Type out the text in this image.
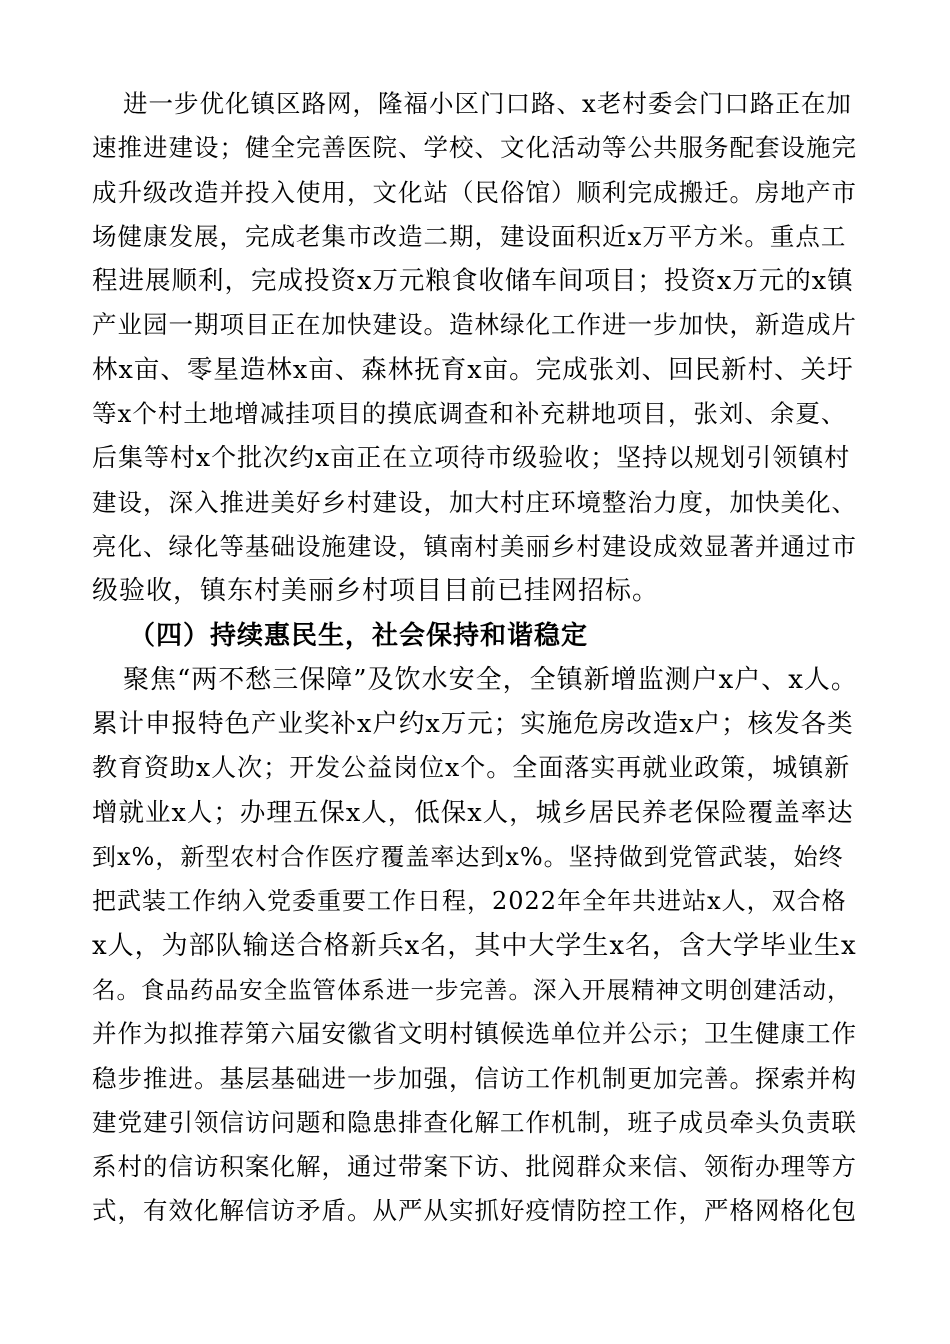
进一步优化镇区路网，隆福小区门口路、x老村委会门口路正在加
速推进建设；健全完善医院、学校、文化活动等公共服务配套设施完
成升级改造并投入使用，文化站（民俗馆）顺利完成搬迁。房地产市
场健康发展，完成老集市改造二期，建设面积近x万平方米。重点工
程进展顺利，完成投资x万元粮食收储车间项目；投资x万元的x镇
产业园一期项目正在加快建设。造林绿化工作进一步加快，新造成片
林x亩、零星造林x亩、森林抚育x亩。完成张刘、回民新村、关圩
等x个村土地增减挂项目的摸底调查和补充耕地项目，张刘、余夏、
后集等村x个批次约x亩正在立项待市级验收；坚持以规划引领镇村
建设，深入推进美好乡村建设，加大村庄环境整治力度，加快美化、
亮化、绿化等基础设施建设，镇南村美丽乡村建设成效显著并通过市
级验收，镇东村美丽乡村项目目前已挂网招标。

（四）持续惠民生，社会保持和谐稳定

聚焦“两不愁三保障”及饮水安全，全镇新增监测户x户、x人。
累计申报特色产业奖补x户约x万元；实施危房改造x户；核发各类
教育资助x人次；开发公益岗位x个。全面落实再就业政策，城镇新
增就业x人；办理五保x人，低保x人，城乡居民养老保险覆盖率达
到x%，新型农村合作医疗覆盖率达到x%。坚持做到党管武装，始终
把武装工作纳入党委重要工作日程，2022年全年共进站x人，双合格
x人，为部队输送合格新兵x名，其中大学生x名，含大学毕业生x
名。食品药品安全监管体系进一步完善。深入开展精神文明创建活动，
并作为拟推荐第六届安徽省文明村镇候选单位并公示；卫生健康工作
稳步推进。基层基础进一步加强，信访工作机制更加完善。探索并构
建党建引领信访问题和隐患排查化解工作机制，班子成员牵头负责联
系村的信访积案化解，通过带案下访、批阅群众来信、领衔办理等方
式，有效化解信访矛盾。从严从实抓好疫情防控工作，严格网格化包
